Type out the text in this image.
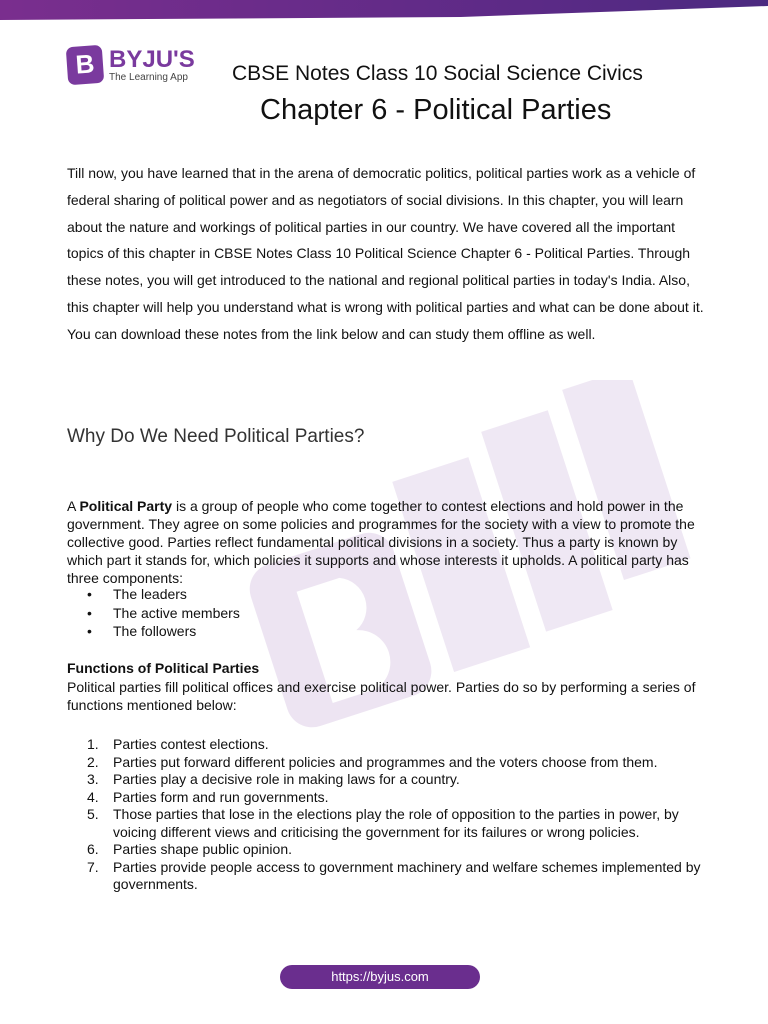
B BYJU'S
The Learning App CBSE Notes Class 10 Social Science Civics
Chapter 6 - Political Parties
Till now, you have learned that in the arena of democratic politics, political parties work as a vehicle of federal sharing of political power and as negotiators of social divisions. In this chapter, you will learn about the nature and workings of political parties in our country. We have covered all the important topics of this chapter in CBSE Notes Class 10 Political Science Chapter 6 - Political Parties. Through these notes, you will get introduced to the national and regional political parties in today's India. Also, this chapter will help you understand what is wrong with political parties and what can be done about it. You can download these notes from the link below and can study them offline as well.
Why Do We Need Political Parties?
A Political Party is a group of people who come together to contest elections and hold power in the government. They agree on some policies and programmes for the society with a view to promote the collective good. Parties reflect fundamental political divisions in a society. Thus a party is known by which part it stands for, which policies it supports and whose interests it upholds. A political party has three components:
• The leaders
• The active members
• The followers
Functions of Political Parties
Political parties fill political offices and exercise political power. Parties do so by performing a series of functions mentioned below:
1. Parties contest elections.
2. Parties put forward different policies and programmes and the voters choose from them.
3. Parties play a decisive role in making laws for a country.
4. Parties form and run governments.
5. Those parties that lose in the elections play the role of opposition to the parties in power, by voicing different views and criticising the government for its failures or wrong policies.
6. Parties shape public opinion.
7. Parties provide people access to government machinery and welfare schemes implemented by governments.
https://byjus.com
